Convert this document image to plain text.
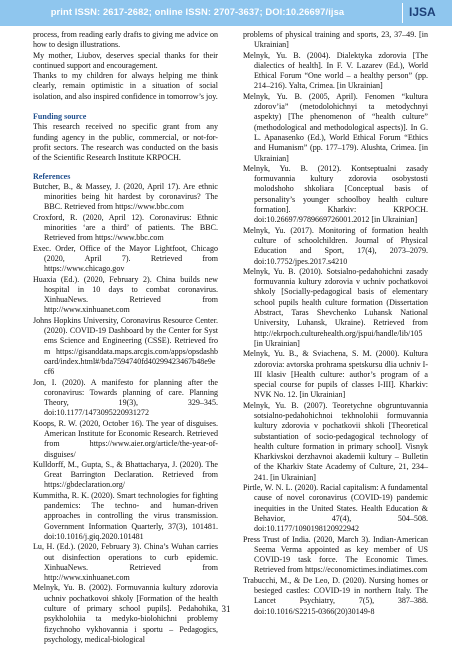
print ISSN: 2617-2682; online ISSN: 2707-3637; DOI:10.26697/ijsa	IJSA

process, from reading early drafts to giving me advice on how to design illustrations.

My mother, Liubov, deserves special thanks for their continued support and encouragement.

Thanks to my children for always helping me think clearly, remain optimistic in a situation of social isolation, and also inspired confidence in tomorrow’s joy.

Funding source

This research received no specific grant from any funding agency in the public, commercial, or not-for-profit sectors. The research was conducted on the basis of the Scientific Research Institute KRPOCH.

References

Butcher, B., & Massey, J. (2020, April 17). Are ethnic minorities being hit hardest by coronavirus? The BBC. Retrieved from https://www.bbc.com

Croxford, R. (2020, April 12). Coronavirus: Ethnic minorities ‘are a third’ of patients. The BBC. Retrieved from https://www.bbc.com

Exec. Order, Office of the Mayor Lightfoot, Chicago (2020, April 7). Retrieved from https://www.chicago.gov

Huaxia (Ed.). (2020, February 2). China builds new hospital in 10 days to combat coronavirus. XinhuaNews. Retrieved from http://www.xinhuanet.com

Johns Hopkins University, Coronavirus Resource Center. (2020). COVID-19 Dashboard by the Center for Systems Science and Engineering (CSSE). Retrieved from https://gisanddata.maps.arcgis.com/apps/opsdashboard/index.html#/bda7594740fd40299423467b48e9ecf6

Jon, I. (2020). A manifesto for planning after the coronavirus: Towards planning of care. Planning Theory, 19(3), 329–345. doi:10.1177/1473095220931272

Koops, R. W. (2020, October 16). The year of disguises. American Institute for Economic Research. Retrieved from https://www.aier.org/article/the-year-of-disguises/

Kulldorff, M., Gupta, S., & Bhattacharya, J. (2020). The Great Barrington Declaration. Retrieved from https://gbdeclaration.org/

Kummitha, R. K. (2020). Smart technologies for fighting pandemics: The techno- and human-driven approaches in controlling the virus transmission. Government Information Quarterly, 37(3), 101481. doi:10.1016/j.giq.2020.101481

Lu, H. (Ed.). (2020, February 3). China’s Wuhan carries out disinfection operations to curb epidemic. XinhuaNews. Retrieved from http://www.xinhuanet.com

Melnyk, Yu. B. (2002). Formuvannia kultury zdorovia uchniv pochatkovoi shkoly [Formation of the health culture of primary school pupils]. Pedahohika, psykholohiia ta medyko-biolohichni problemy fizychnoho vykhovannia i sportu – Pedagogics, psychology, medical-biological

problems of physical training and sports, 23, 37–49. [in Ukrainian]

Melnyk, Yu. B. (2004). Dialektyka zdorovia [The dialectics of health]. In F. V. Lazarev (Ed.), World Ethical Forum “One world – a healthy person” (pp. 214–216). Yalta, Crimea. [in Ukrainian]

Melnyk, Yu. B. (2005, April). Fenomen “kultura zdorov’ia” (metodolohichnyi ta metodychnyi aspekty) [The phenomenon of “health culture” (methodological and methodological aspects)]. In G. L. Apanasenko (Ed.), World Ethical Forum “Ethics and Humanism” (pp. 177–179). Alushta, Crimea. [in Ukrainian]

Melnyk, Yu. B. (2012). Kontseptualni zasady formuvannia kultury zdorovia osobystosti molodshoho shkoliara [Conceptual basis of personality’s younger schoolboy health culture formation]. Kharkiv: KRPOCH. doi:10.26697/9789669726001.2012 [in Ukrainian]

Melnyk, Yu. (2017). Monitoring of formation health culture of schoolchildren. Journal of Physical Education and Sport, 17(4), 2073–2079. doi:10.7752/jpes.2017.s4210

Melnyk, Yu. B. (2010). Sotsialno-pedahohichni zasady formuvannia kultury zdorovia v uchniv pochatkovoi shkoly [Socially-pedagogical basis of elementary school pupils health culture formation (Dissertation Abstract, Taras Shevchenko Luhansk National University, Luhansk, Ukraine). Retrieved from http://ekrpoch.culturehealth.org/jspui/handle/lib/105 [in Ukrainian]

Melnyk, Yu. B., & Sviachena, S. M. (2000). Kultura zdorovia: avtorska prohrama spetskursu dlia uchniv I-III klasiv [Health culture: author’s program of a special course for pupils of classes I-III]. Kharkiv: NVK No. 12. [in Ukrainian]

Melnyk, Yu. B. (2007). Teoretychne obgruntuvannia sotsialno-pedahohichnoi tekhnolohii formuvannia kultury zdorovia v pochatkovii shkoli [Theoretical substantiation of socio-pedagogical technology of health culture formation in primary school]. Visnyk Kharkivskoi derzhavnoi akademii kultury – Bulletin of the Kharkiv State Academy of Culture, 21, 234–241. [in Ukrainian]

Pirtle, W. N. L. (2020). Racial capitalism: A fundamental cause of novel coronavirus (COVID-19) pandemic inequities in the United States. Health Education & Behavior, 47(4), 504–508. doi:10.1177/1090198120922942

Press Trust of India. (2020, March 3). Indian-American Seema Verma appointed as key member of US COVID-19 task force. The Economic Times. Retrieved from https://economictimes.indiatimes.com

Trabucchi, M., & De Leo, D. (2020). Nursing homes or besieged castles: COVID-19 in northern Italy. The Lancet Psychiatry, 7(5), 387–388. doi:10.1016/S2215-0366(20)30149-8

31
